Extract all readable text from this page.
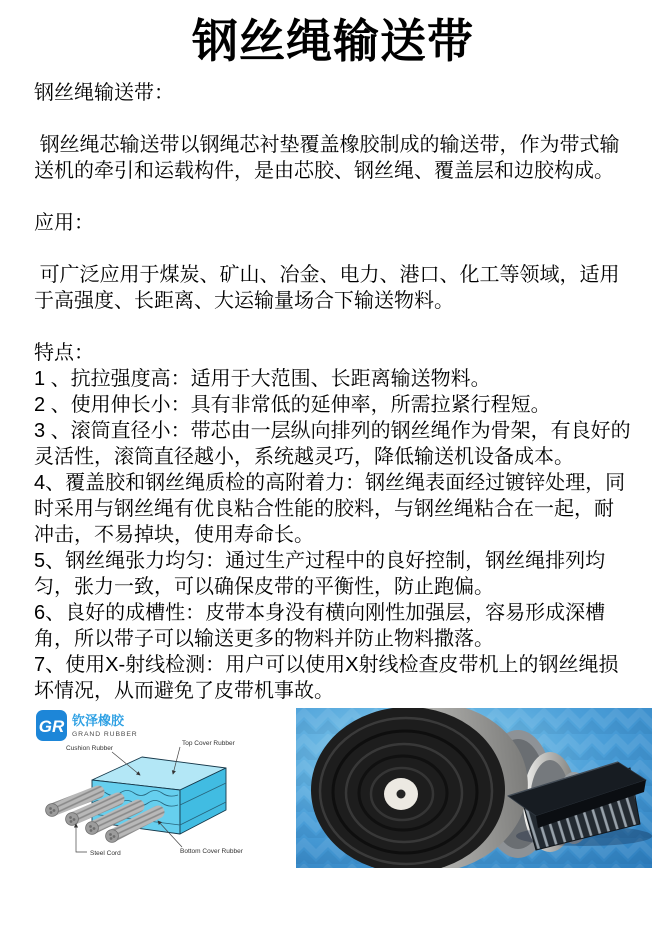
钢丝绳输送带

钢丝绳输送带：

钢丝绳芯输送带以钢绳芯衬垫覆盖橡胶制成的输送带，作为带式输送机的牵引和运载构件，是由芯胶、钢丝绳、覆盖层和边胶构成。

应用：

可广泛应用于煤炭、矿山、冶金、电力、港口、化工等领域，适用于高强度、长距离、大运输量场合下输送物料。

特点：

1 、抗拉强度高：适用于大范围、长距离输送物料。

2 、使用伸长小：具有非常低的延伸率，所需拉紧行程短。

3 、滚筒直径小：带芯由一层纵向排列的钢丝绳作为骨架，有良好的灵活性，滚筒直径越小，系统越灵巧，降低输送机设备成本。

4、覆盖胶和钢丝绳质检的高附着力：钢丝绳表面经过镀锌处理，同时采用与钢丝绳有优良粘合性能的胶料，与钢丝绳粘合在一起，耐冲击，不易掉块，使用寿命长。

5、钢丝绳张力均匀：通过生产过程中的良好控制，钢丝绳排列均匀，张力一致，可以确保皮带的平衡性，防止跑偏。

6、良好的成槽性：皮带本身没有横向刚性加强层，容易形成深槽角，所以带子可以输送更多的物料并防止物料撒落。

7、使用X-射线检测：用户可以使用X射线检查皮带机上的钢丝绳损坏情况，从而避免了皮带机事故。

GR 钦泽橡胶
GRAND RUBBER
Cushion Rubber
Top Cover Rubber
Steel Cord	Bottom Cover Rubber
